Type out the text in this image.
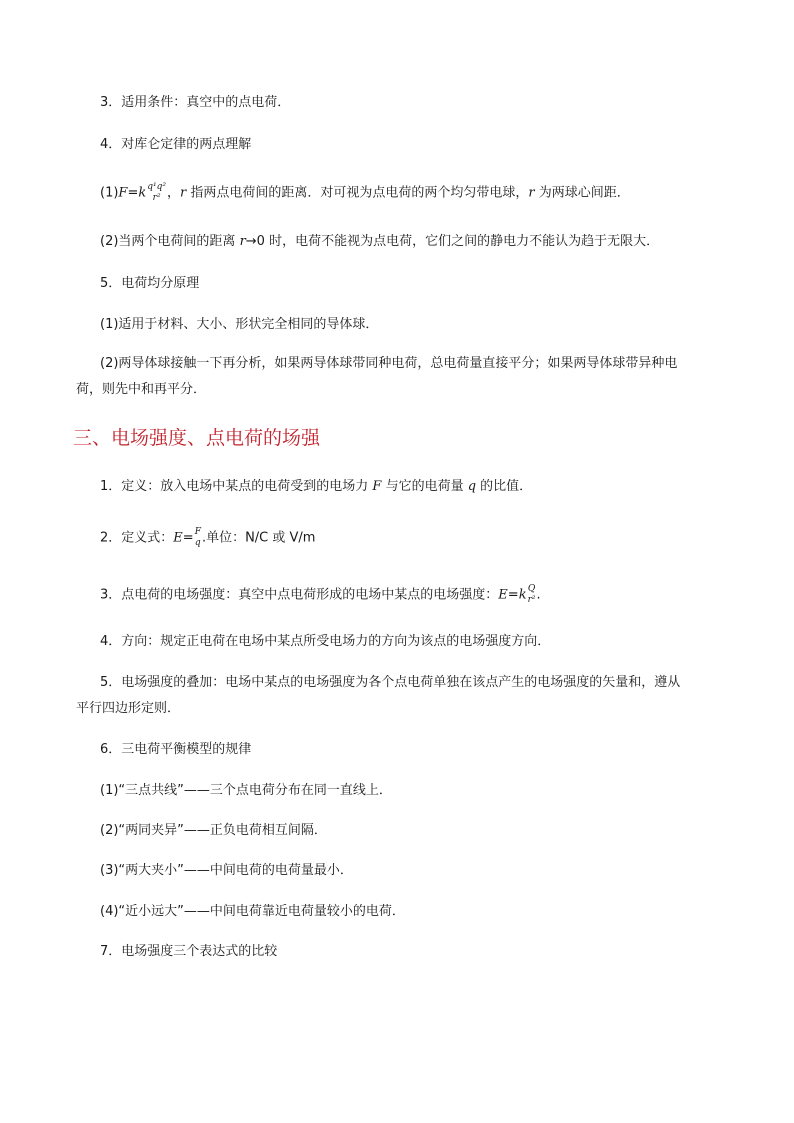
3．适用条件：真空中的点电荷．
4．对库仑定律的两点理解
(1)F=k q¹q²
r² ，r 指两点电荷间的距离．对可视为点电荷的两个均匀带电球，r 为两球心间距．
(2)当两个电荷间的距离 r→0 时，电荷不能视为点电荷，它们之间的静电力不能认为趋于无限大．
5．电荷均分原理
(1)适用于材料、大小、形状完全相同的导体球．
(2)两导体球接触一下再分析，如果两导体球带同种电荷，总电荷量直接平分；如果两导体球带异种电
荷，则先中和再平分．
三、电场强度、点电荷的场强
1．定义：放入电场中某点的电荷受到的电场力 F 与它的电荷量 q 的比值．
2．定义式：E= F
q .单位：N/C 或 V/m
3．点电荷的电场强度：真空中点电荷形成的电场中某点的电场强度：E=k Q
r² .
4．方向：规定正电荷在电场中某点所受电场力的方向为该点的电场强度方向．
5．电场强度的叠加：电场中某点的电场强度为各个点电荷单独在该点产生的电场强度的矢量和，遵从
平行四边形定则．
6．三电荷平衡模型的规律
(1)“三点共线”——三个点电荷分布在同一直线上．
(2)“两同夹异”——正负电荷相互间隔．
(3)“两大夹小”——中间电荷的电荷量最小．
(4)“近小远大”——中间电荷靠近电荷量较小的电荷．
7．电场强度三个表达式的比较
